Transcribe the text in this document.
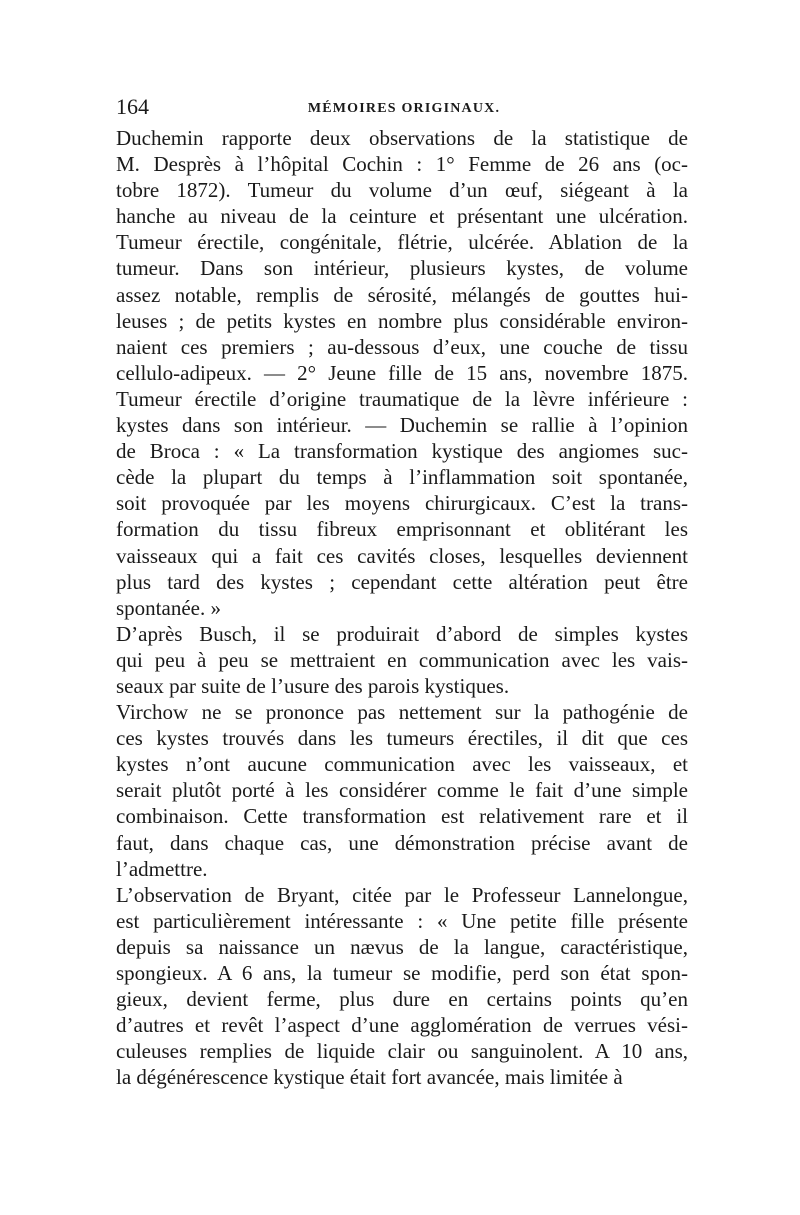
164	MÉMOIRES ORIGINAUX.
Duchemin rapporte deux observations de la statistique de
M. Desprès à l’hôpital Cochin : 1° Femme de 26 ans (oc-
tobre 1872). Tumeur du volume d’un œuf, siégeant à la
hanche au niveau de la ceinture et présentant une ulcération.
Tumeur érectile, congénitale, flétrie, ulcérée. Ablation de la
tumeur. Dans son intérieur, plusieurs kystes, de volume
assez notable, remplis de sérosité, mélangés de gouttes hui-
leuses ; de petits kystes en nombre plus considérable environ-
naient ces premiers ; au-dessous d’eux, une couche de tissu
cellulo-adipeux. — 2° Jeune fille de 15 ans, novembre 1875.
Tumeur érectile d’origine traumatique de la lèvre inférieure :
kystes dans son intérieur. — Duchemin se rallie à l’opinion
de Broca : « La transformation kystique des angiomes suc-
cède la plupart du temps à l’inflammation soit spontanée,
soit provoquée par les moyens chirurgicaux. C’est la trans-
formation du tissu fibreux emprisonnant et oblitérant les
vaisseaux qui a fait ces cavités closes, lesquelles deviennent
plus tard des kystes ; cependant cette altération peut être
spontanée. »
D’après Busch, il se produirait d’abord de simples kystes
qui peu à peu se mettraient en communication avec les vais-
seaux par suite de l’usure des parois kystiques.
Virchow ne se prononce pas nettement sur la pathogénie de
ces kystes trouvés dans les tumeurs érectiles, il dit que ces
kystes n’ont aucune communication avec les vaisseaux, et
serait plutôt porté à les considérer comme le fait d’une simple
combinaison. Cette transformation est relativement rare et il
faut, dans chaque cas, une démonstration précise avant de
l’admettre.
L’observation de Bryant, citée par le Professeur Lannelongue,
est particulièrement intéressante : « Une petite fille présente
depuis sa naissance un nævus de la langue, caractéristique,
spongieux. A 6 ans, la tumeur se modifie, perd son état spon-
gieux, devient ferme, plus dure en certains points qu’en
d’autres et revêt l’aspect d’une agglomération de verrues vési-
culeuses remplies de liquide clair ou sanguinolent. A 10 ans,
la dégénérescence kystique était fort avancée, mais limitée à
